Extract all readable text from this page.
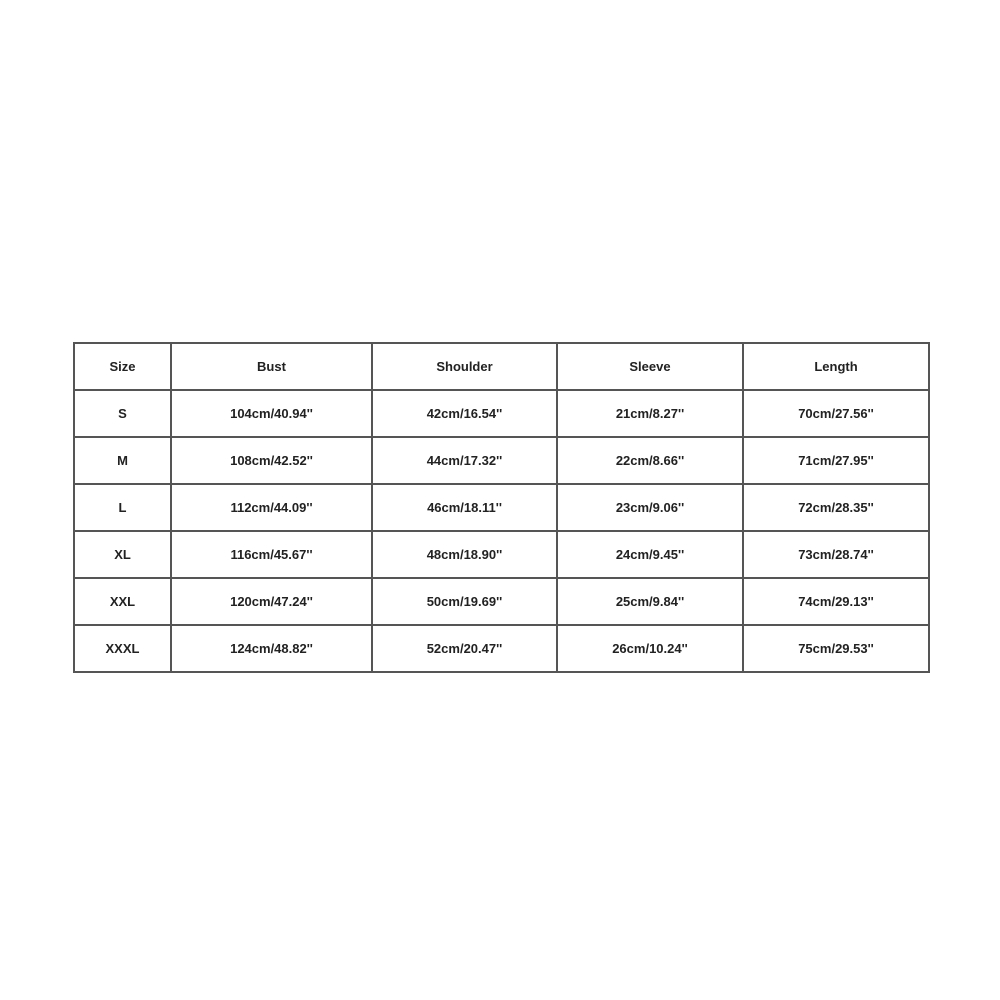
Size	Bust	Shoulder	Sleeve	Length
S	104cm/40.94''	42cm/16.54''	21cm/8.27''	70cm/27.56''
M	108cm/42.52''	44cm/17.32''	22cm/8.66''	71cm/27.95''
L	112cm/44.09''	46cm/18.11''	23cm/9.06''	72cm/28.35''
XL	116cm/45.67''	48cm/18.90''	24cm/9.45''	73cm/28.74''
XXL	120cm/47.24''	50cm/19.69''	25cm/9.84''	74cm/29.13''
XXXL	124cm/48.82''	52cm/20.47''	26cm/10.24''	75cm/29.53''
